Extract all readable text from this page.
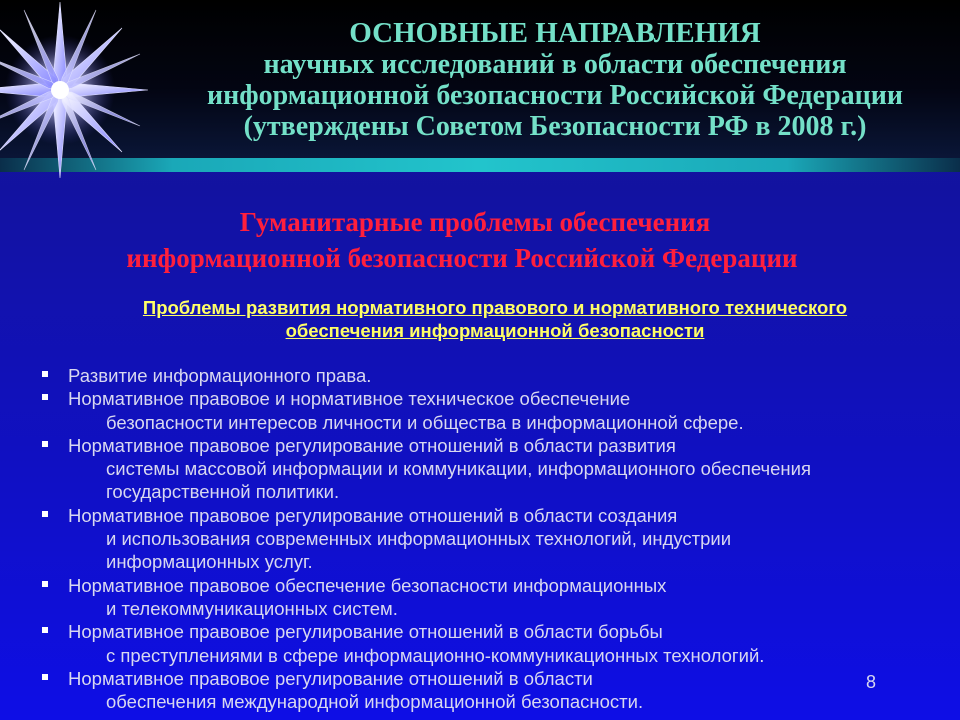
ОСНОВНЫЕ НАПРАВЛЕНИЯ
научных исследований в области обеспечения
информационной безопасности Российской Федерации
(утверждены Советом Безопасности РФ в 2008 г.)
Гуманитарные проблемы обеспечения
информационной безопасности Российской Федерации
Проблемы развития нормативного правового и нормативного технического
обеспечения информационной безопасности
Развитие информационного права.
Нормативное правовое и нормативное техническое обеспечение
безопасности интересов личности и общества в информационной сфере.
Нормативное правовое регулирование отношений в области развития
системы массовой информации и коммуникации, информационного обеспечения
государственной политики.
Нормативное правовое регулирование отношений в области создания
и использования современных информационных технологий, индустрии
информационных услуг.
Нормативное правовое обеспечение безопасности информационных
и телекоммуникационных систем.
Нормативное правовое регулирование отношений в области борьбы
с преступлениями в сфере информационно-коммуникационных технологий.
Нормативное правовое регулирование отношений в области
обеспечения международной информационной безопасности.
8
